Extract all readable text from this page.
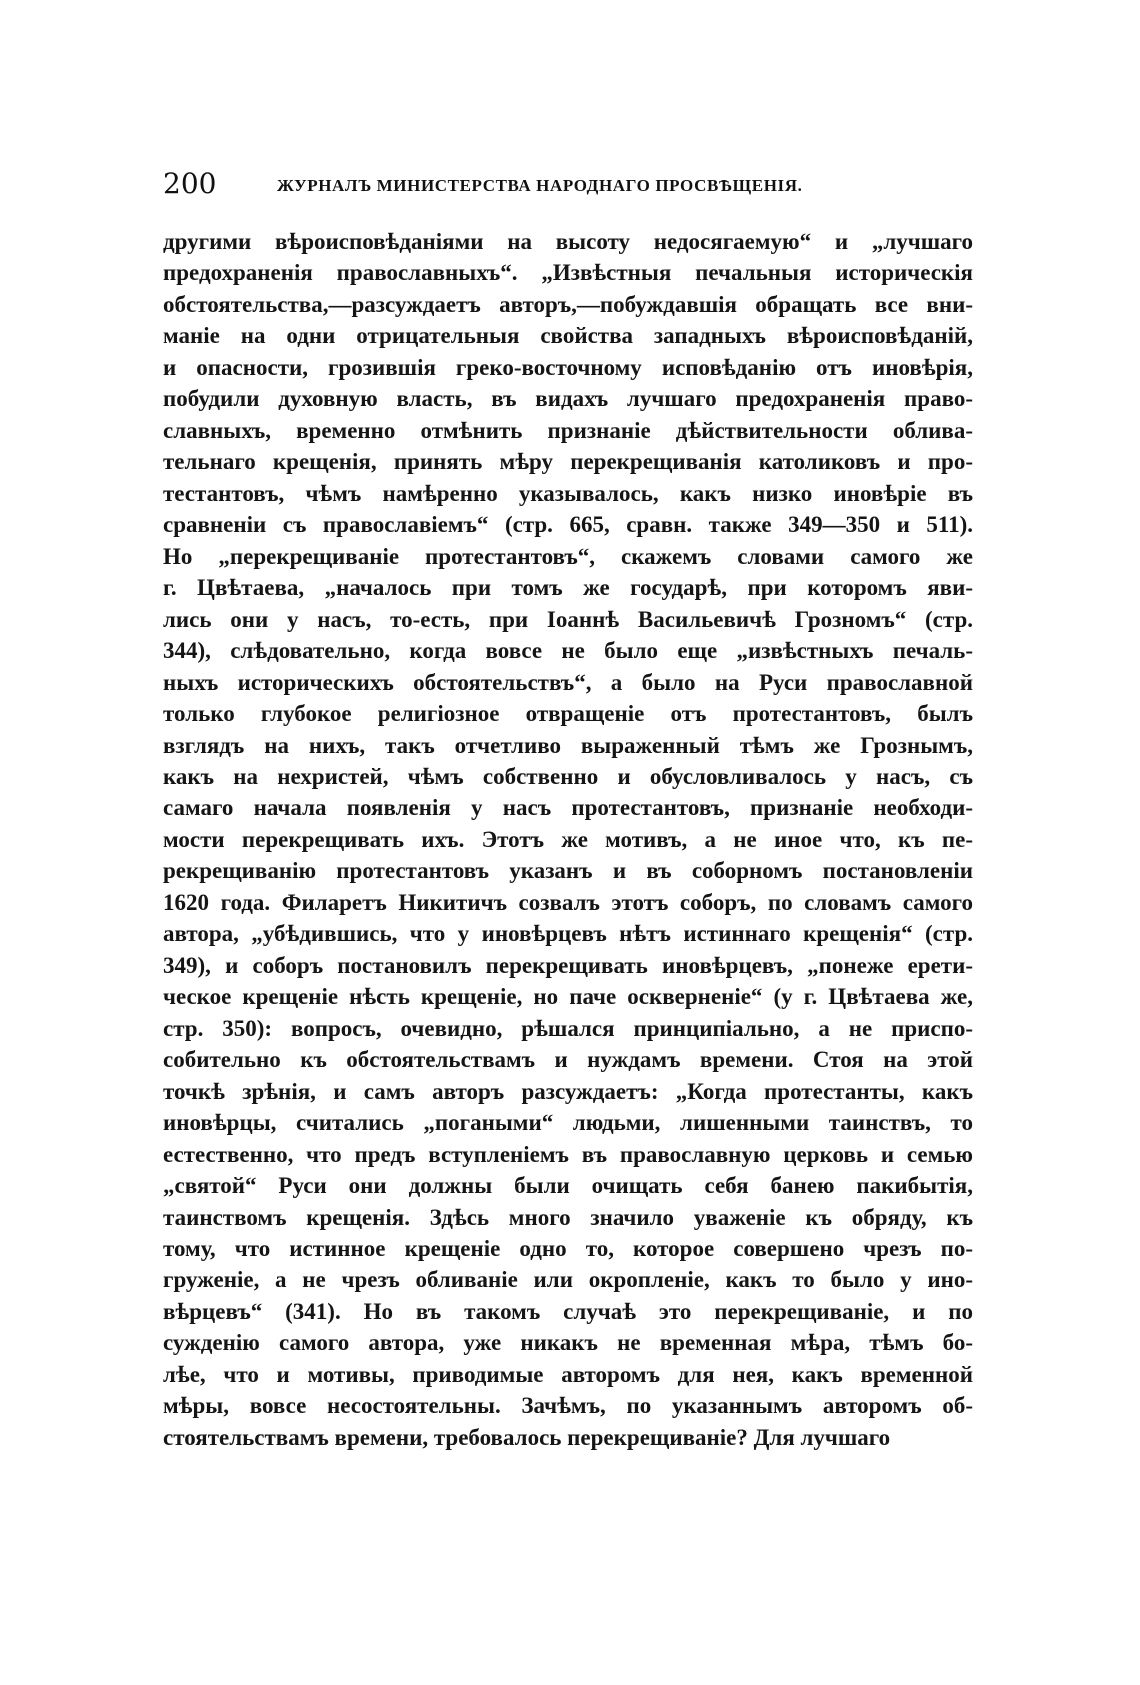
200	ЖУРНАЛЪ МИНИСТЕРСТВА НАРОДНАГО ПРОСВѢЩЕНІЯ.
другими вѣроисповѣданіями на высоту недосягаемую“ и „лучшаго
предохраненія православныхъ“. „Извѣстныя печальныя историческія
обстоятельства,—разсуждаетъ авторъ,—побуждавшія обращать все вни-
маніе на одни отрицательныя свойства западныхъ вѣроисповѣданій,
и опасности, грозившія греко-восточному исповѣданію отъ иновѣрія,
побудили духовную власть, въ видахъ лучшаго предохраненія право-
славныхъ, временно отмѣнить признаніе дѣйствительности облива-
тельнаго крещенія, принять мѣру перекрещиванія католиковъ и про-
тестантовъ, чѣмъ намѣренно указывалось, какъ низко иновѣріе въ
сравненіи съ православіемъ“ (стр. 665, сравн. также 349—350 и 511).
Но „перекрещиваніе протестантовъ“, скажемъ словами самого же
г. Цвѣтаева, „началось при томъ же государѣ, при которомъ яви-
лись они у насъ, то-есть, при Іоаннѣ Васильевичѣ Грозномъ“ (стр.
344), слѣдовательно, когда вовсе не было еще „извѣстныхъ печаль-
ныхъ историческихъ обстоятельствъ“, а было на Руси православной
только глубокое религіозное отвращеніе отъ протестантовъ, былъ
взглядъ на нихъ, такъ отчетливо выраженный тѣмъ же Грознымъ,
какъ на нехристей, чѣмъ собственно и обусловливалось у насъ, съ
самаго начала появленія у насъ протестантовъ, признаніе необходи-
мости перекрещивать ихъ. Этотъ же мотивъ, а не иное что, къ пе-
рекрещиванію протестантовъ указанъ и въ соборномъ постановленіи
1620 года. Филаретъ Никитичъ созвалъ этотъ соборъ, по словамъ самого
автора, „убѣдившись, что у иновѣрцевъ нѣтъ истиннаго крещенія“ (стр.
349), и соборъ постановилъ перекрещивать иновѣрцевъ, „понеже ерети-
ческое крещеніе нѣсть крещеніе, но паче оскверненіе“ (у г. Цвѣтаева же,
стр. 350): вопросъ, очевидно, рѣшался принципіально, а не приспо-
собительно къ обстоятельствамъ и нуждамъ времени. Стоя на этой
точкѣ зрѣнія, и самъ авторъ разсуждаетъ: „Когда протестанты, какъ
иновѣрцы, считались „погаными“ людьми, лишенными таинствъ, то
естественно, что предъ вступленіемъ въ православную церковь и семью
„святой“ Руси они должны были очищать себя банею пакибытія,
таинствомъ крещенія. Здѣсь много значило уваженіе къ обряду, къ
тому, что истинное крещеніе одно то, которое совершено чрезъ по-
груженіе, а не чрезъ обливаніе или окропленіе, какъ то было у ино-
вѣрцевъ“ (341). Но въ такомъ случаѣ это перекрещиваніе, и по
сужденію самого автора, уже никакъ не временная мѣра, тѣмъ бо-
лѣе, что и мотивы, приводимые авторомъ для нея, какъ временной
мѣры, вовсе несостоятельны. Зачѣмъ, по указаннымъ авторомъ об-
стоятельствамъ времени, требовалось перекрещиваніе? Для лучшаго
